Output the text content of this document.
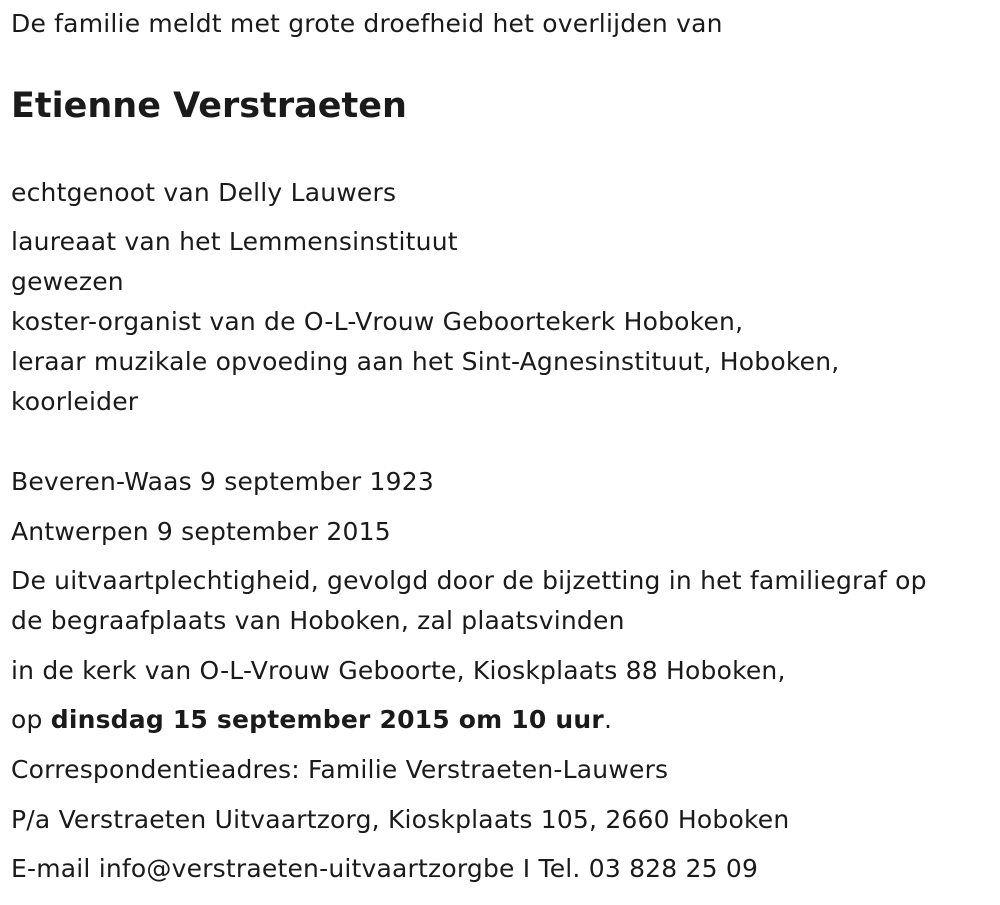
De familie meldt met grote droefheid het overlijden van
Etienne Verstraeten
echtgenoot van Delly Lauwers
laureaat van het Lemmensinstituut
gewezen
koster-organist van de O-L-Vrouw Geboortekerk Hoboken,
leraar muzikale opvoeding aan het Sint-Agnesinstituut, Hoboken,
koorleider
Beveren-Waas 9 september 1923
Antwerpen 9 september 2015
De uitvaartplechtigheid, gevolgd door de bijzetting in het familiegraf op
de begraafplaats van Hoboken, zal plaatsvinden
in de kerk van O-L-Vrouw Geboorte, Kioskplaats 88 Hoboken,
op dinsdag 15 september 2015 om 10 uur.
Correspondentieadres: Familie Verstraeten-Lauwers
P/a Verstraeten Uitvaartzorg, Kioskplaats 105, 2660 Hoboken
E-mail info@verstraeten-uitvaartzorgbe I Tel. 03 828 25 09
